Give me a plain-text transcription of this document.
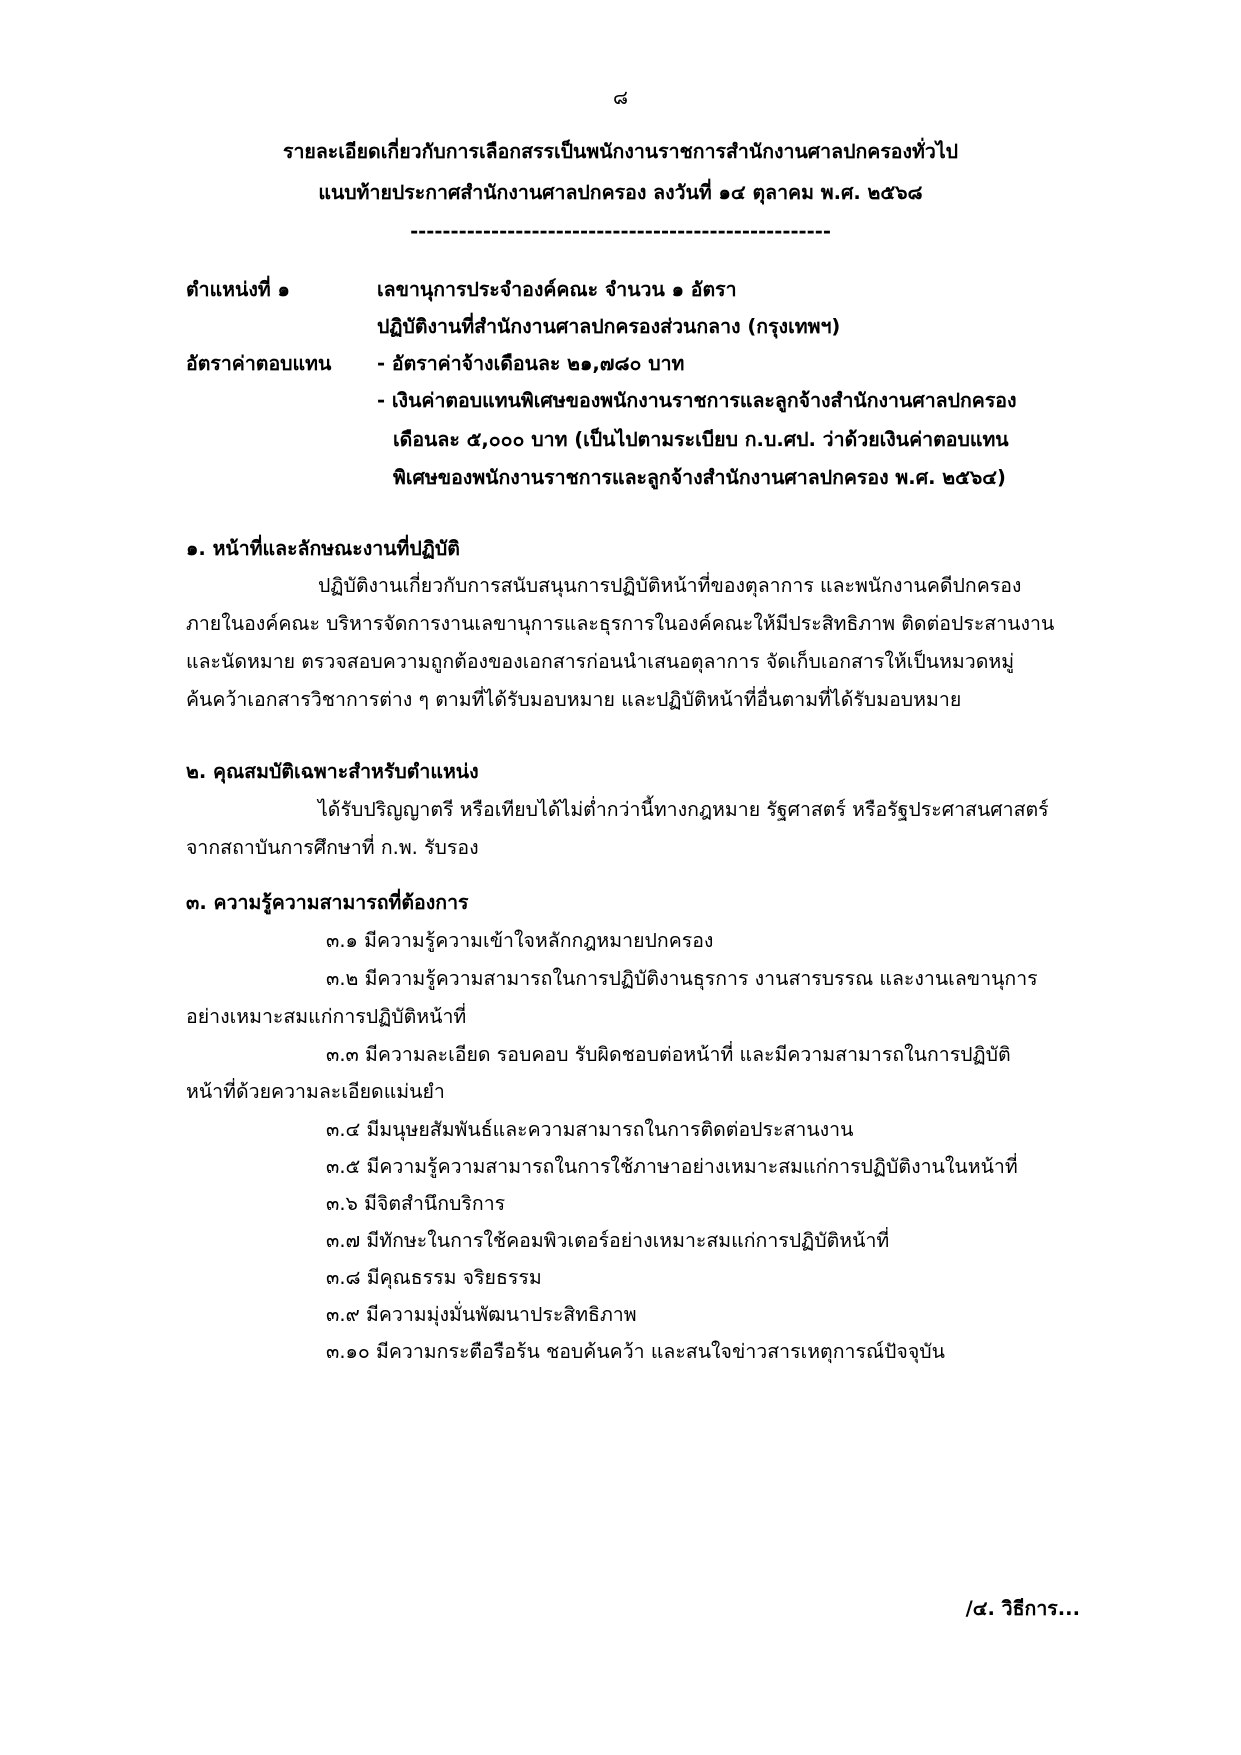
๘
รายละเอียดเกี่ยวกับการเลือกสรรเป็นพนักงานราชการสำนักงานศาลปกครองทั่วไป
แนบท้ายประกาศสำนักงานศาลปกครอง ลงวันที่ ๑๔ ตุลาคม พ.ศ. ๒๕๖๘
----------------------------------------------------
ตำแหน่งที่ ๑	เลขานุการประจำองค์คณะ จำนวน ๑ อัตรา
ปฏิบัติงานที่สำนักงานศาลปกครองส่วนกลาง (กรุงเทพฯ)
อัตราค่าตอบแทน - อัตราค่าจ้างเดือนละ ๒๑,๗๘๐ บาท
- เงินค่าตอบแทนพิเศษของพนักงานราชการและลูกจ้างสำนักงานศาลปกครอง
เดือนละ ๕,๐๐๐ บาท (เป็นไปตามระเบียบ ก.บ.ศป. ว่าด้วยเงินค่าตอบแทน
พิเศษของพนักงานราชการและลูกจ้างสำนักงานศาลปกครอง พ.ศ. ๒๕๖๔)
๑. หน้าที่และลักษณะงานที่ปฏิบัติ
ปฏิบัติงานเกี่ยวกับการสนับสนุนการปฏิบัติหน้าที่ของตุลาการ และพนักงานคดีปกครอง
ภายในองค์คณะ บริหารจัดการงานเลขานุการและธุรการในองค์คณะให้มีประสิทธิภาพ ติดต่อประสานงาน
และนัดหมาย ตรวจสอบความถูกต้องของเอกสารก่อนนำเสนอตุลาการ จัดเก็บเอกสารให้เป็นหมวดหมู่
ค้นคว้าเอกสารวิชาการต่าง ๆ ตามที่ได้รับมอบหมาย และปฏิบัติหน้าที่อื่นตามที่ได้รับมอบหมาย
๒. คุณสมบัติเฉพาะสำหรับตำแหน่ง
ได้รับปริญญาตรี หรือเทียบได้ไม่ต่ำกว่านี้ทางกฎหมาย รัฐศาสตร์ หรือรัฐประศาสนศาสตร์
จากสถาบันการศึกษาที่ ก.พ. รับรอง
๓. ความรู้ความสามารถที่ต้องการ
๓.๑ มีความรู้ความเข้าใจหลักกฎหมายปกครอง
๓.๒ มีความรู้ความสามารถในการปฏิบัติงานธุรการ งานสารบรรณ และงานเลขานุการ
อย่างเหมาะสมแก่การปฏิบัติหน้าที่
๓.๓ มีความละเอียด รอบคอบ รับผิดชอบต่อหน้าที่ และมีความสามารถในการปฏิบัติ
หน้าที่ด้วยความละเอียดแม่นยำ
๓.๔ มีมนุษยสัมพันธ์และความสามารถในการติดต่อประสานงาน
๓.๕ มีความรู้ความสามารถในการใช้ภาษาอย่างเหมาะสมแก่การปฏิบัติงานในหน้าที่
๓.๖ มีจิตสำนึกบริการ
๓.๗ มีทักษะในการใช้คอมพิวเตอร์อย่างเหมาะสมแก่การปฏิบัติหน้าที่
๓.๘ มีคุณธรรม จริยธรรม
๓.๙ มีความมุ่งมั่นพัฒนาประสิทธิภาพ
๓.๑๐ มีความกระตือรือร้น ชอบค้นคว้า และสนใจข่าวสารเหตุการณ์ปัจจุบัน
/๔. วิธีการ...
